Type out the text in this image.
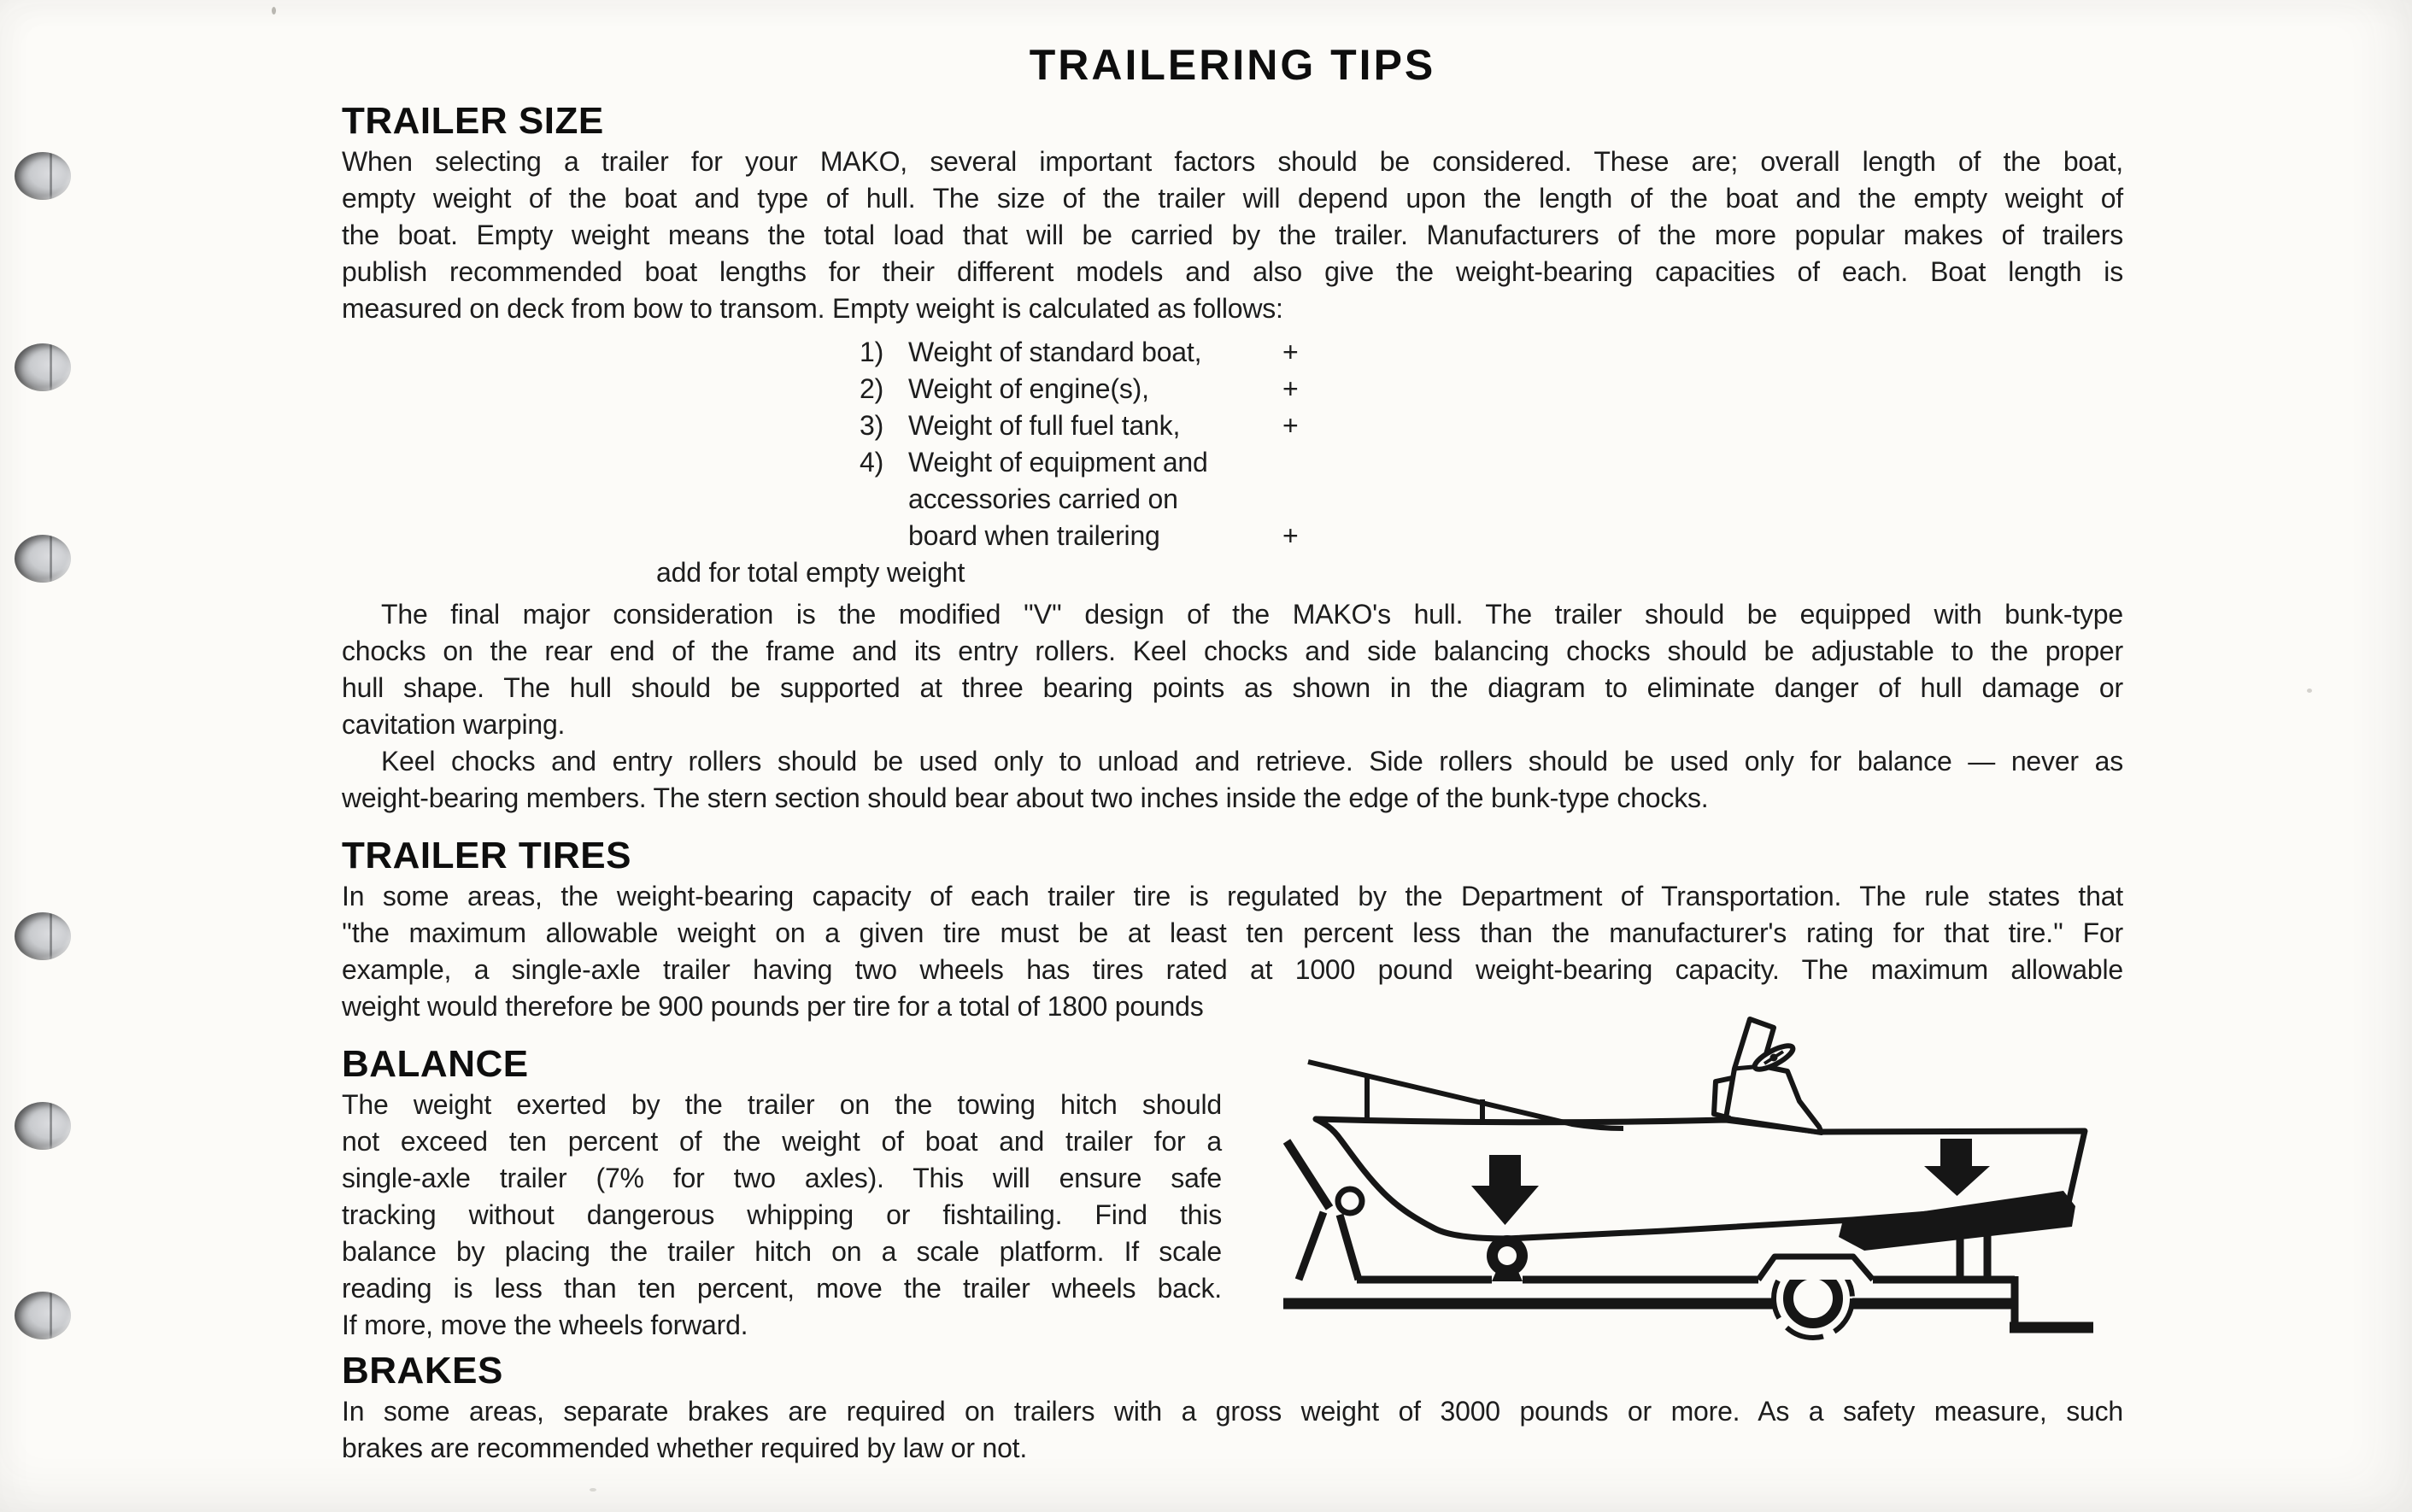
TRAILERING TIPS
TRAILER SIZE
When selecting a trailer for your MAKO, several important factors should be considered. These are; overall length of the boat,
empty weight of the boat and type of hull. The size of the trailer will depend upon the length of the boat and the empty weight of
the boat. Empty weight means the total load that will be carried by the trailer. Manufacturers of the more popular makes of trailers
publish recommended boat lengths for their different models and also give the weight-bearing capacities of each. Boat length is
measured on deck from bow to transom. Empty weight is calculated as follows:
1) Weight of standard boat,	+
2) Weight of engine(s),	+
3) Weight of full fuel tank,	+
4) Weight of equipment and
accessories carried on
board when trailering	+
add for total empty weight
The final major consideration is the modified ''V'' design of the MAKO's hull. The trailer should be equipped with bunk-type
chocks on the rear end of the frame and its entry rollers. Keel chocks and side balancing chocks should be adjustable to the proper
hull shape. The hull should be supported at three bearing points as shown in the diagram to eliminate danger of hull damage or
cavitation warping.
Keel chocks and entry rollers should be used only to unload and retrieve. Side rollers should be used only for balance — never as
weight-bearing members. The stern section should bear about two inches inside the edge of the bunk-type chocks.
TRAILER TIRES
In some areas, the weight-bearing capacity of each trailer tire is regulated by the Department of Transportation. The rule states that
''the maximum allowable weight on a given tire must be at least ten percent less than the manufacturer's rating for that tire.'' For
example, a single-axle trailer having two wheels has tires rated at 1000 pound weight-bearing capacity. The maximum allowable
weight would therefore be 900 pounds per tire for a total of 1800 pounds
BALANCE
The weight exerted by the trailer on the towing hitch should
not exceed ten percent of the weight of boat and trailer for a
single-axle trailer (7% for two axles). This will ensure safe
tracking without dangerous whipping or fishtailing. Find this
balance by placing the trailer hitch on a scale platform. If scale
reading is less than ten percent, move the trailer wheels back.
If more, move the wheels forward.
BRAKES
In some areas, separate brakes are required on trailers with a gross weight of 3000 pounds or more. As a safety measure, such
brakes are recommended whether required by law or not.
